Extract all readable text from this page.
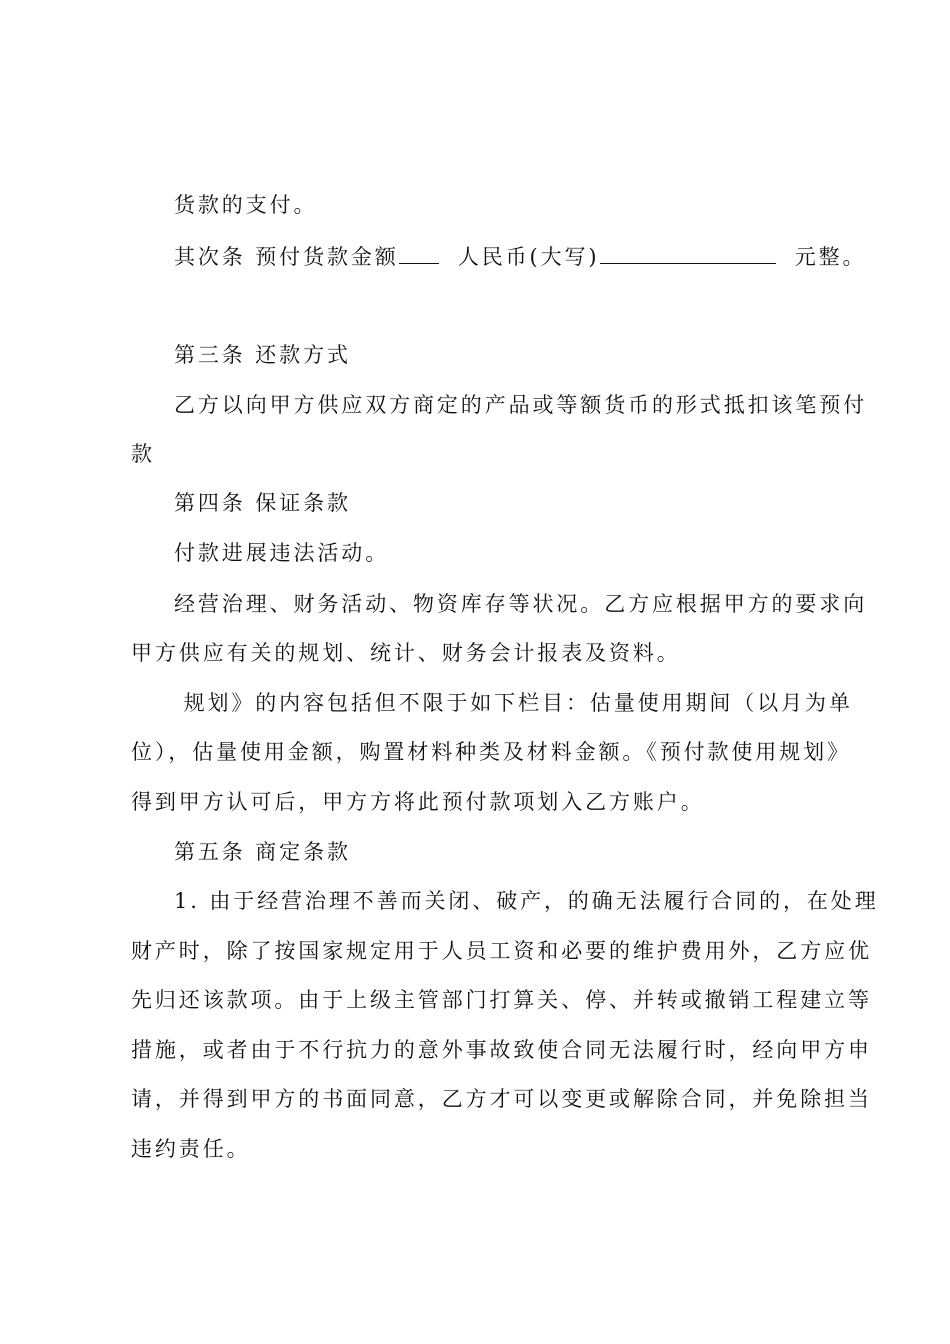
货款的支付。
其次条 预付货款金额	人民币(大写)	元整。
第三条 还款方式
乙方以向甲方供应双方商定的产品或等额货币的形式抵扣该笔预付
款
第四条 保证条款
付款进展违法活动。
经营治理、财务活动、物资库存等状况。乙方应根据甲方的要求向
甲方供应有关的规划、统计、财务会计报表及资料。
规划》的内容包括但不限于如下栏目：估量使用期间（以月为单
位），估量使用金额，购置材料种类及材料金额。《预付款使用规划》
得到甲方认可后，甲方方将此预付款项划入乙方账户。
第五条 商定条款
1. 由于经营治理不善而关闭、破产，的确无法履行合同的，在处理
财产时，除了按国家规定用于人员工资和必要的维护费用外，乙方应优
先归还该款项。由于上级主管部门打算关、停、并转或撤销工程建立等
措施，或者由于不行抗力的意外事故致使合同无法履行时，经向甲方申
请，并得到甲方的书面同意，乙方才可以变更或解除合同，并免除担当
违约责任。
